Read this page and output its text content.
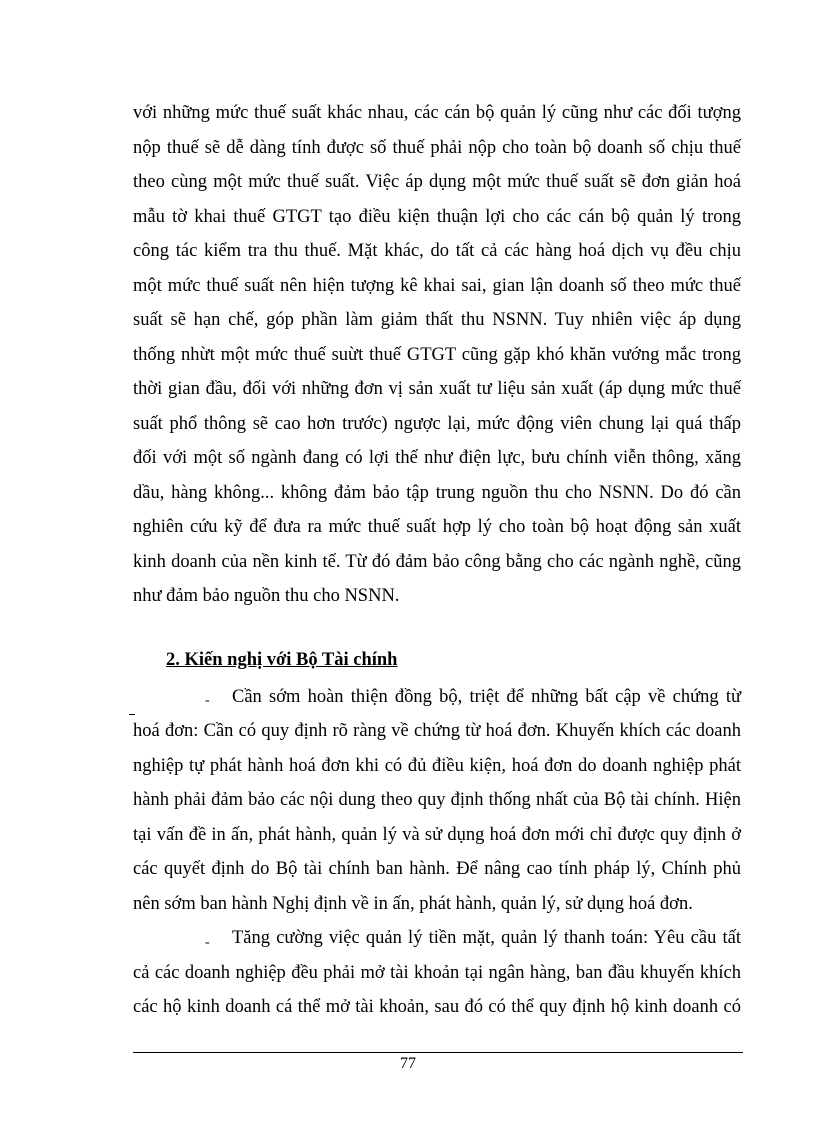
với những mức thuế suất khác nhau, các cán bộ quản lý cũng như các đối tượng
nộp thuế sẽ dễ dàng tính được số thuế phải nộp cho toàn bộ doanh số chịu thuế
theo cùng một mức thuế suất. Việc áp dụng một mức thuế suất sẽ đơn giản hoá
mẫu tờ khai thuế GTGT tạo điều kiện thuận lợi cho các cán bộ quản lý trong
công tác kiểm tra thu thuế. Mặt khác, do tất cả các hàng hoá dịch vụ đều chịu
một mức thuế suất nên hiện tượng kê khai sai, gian lận doanh số theo mức thuế
suất sẽ hạn chế, góp phần làm giảm thất thu NSNN. Tuy nhiên việc áp dụng
thống nhừt một mức thuế suừt thuế GTGT cũng gặp khó khăn vướng mắc trong
thời gian đầu, đối với những đơn vị sản xuất tư liệu sản xuất (áp dụng mức thuế
suất phổ thông sẽ cao hơn trước) ngược lại, mức động viên chung lại quá thấp
đối với một số ngành đang có lợi thế như điện lực, bưu chính viễn thông, xăng
dầu, hàng không... không đảm bảo tập trung nguồn thu cho NSNN. Do đó cần
nghiên cứu kỹ để đưa ra mức thuế suất hợp lý cho toàn bộ hoạt động sản xuất
kinh doanh của nền kinh tế. Từ đó đảm bảo công bằng cho các ngành nghề, cũng
như đảm bảo nguồn thu cho NSNN.
2. Kiến nghị với Bộ Tài chính
- Cần sớm hoàn thiện đồng bộ, triệt để những bất cập về chứng từ
hoá đơn: Cần có quy định rõ ràng về chứng từ hoá đơn. Khuyến khích các doanh
nghiệp tự phát hành hoá đơn khi có đủ điều kiện, hoá đơn do doanh nghiệp phát
hành phải đảm bảo các nội dung theo quy định thống nhất của Bộ tài chính. Hiện
tại vấn đề in ấn, phát hành, quản lý và sử dụng hoá đơn mới chỉ được quy định ở
các quyết định do Bộ tài chính ban hành. Để nâng cao tính pháp lý, Chính phủ
nên sớm ban hành Nghị định về in ấn, phát hành, quản lý, sử dụng hoá đơn.
- Tăng cường việc quản lý tiền mặt, quản lý thanh toán: Yêu cầu tất
cả các doanh nghiệp đều phải mở tài khoản tại ngân hàng, ban đầu khuyến khích
các hộ kinh doanh cá thể mở tài khoản, sau đó có thể quy định hộ kinh doanh có
77
